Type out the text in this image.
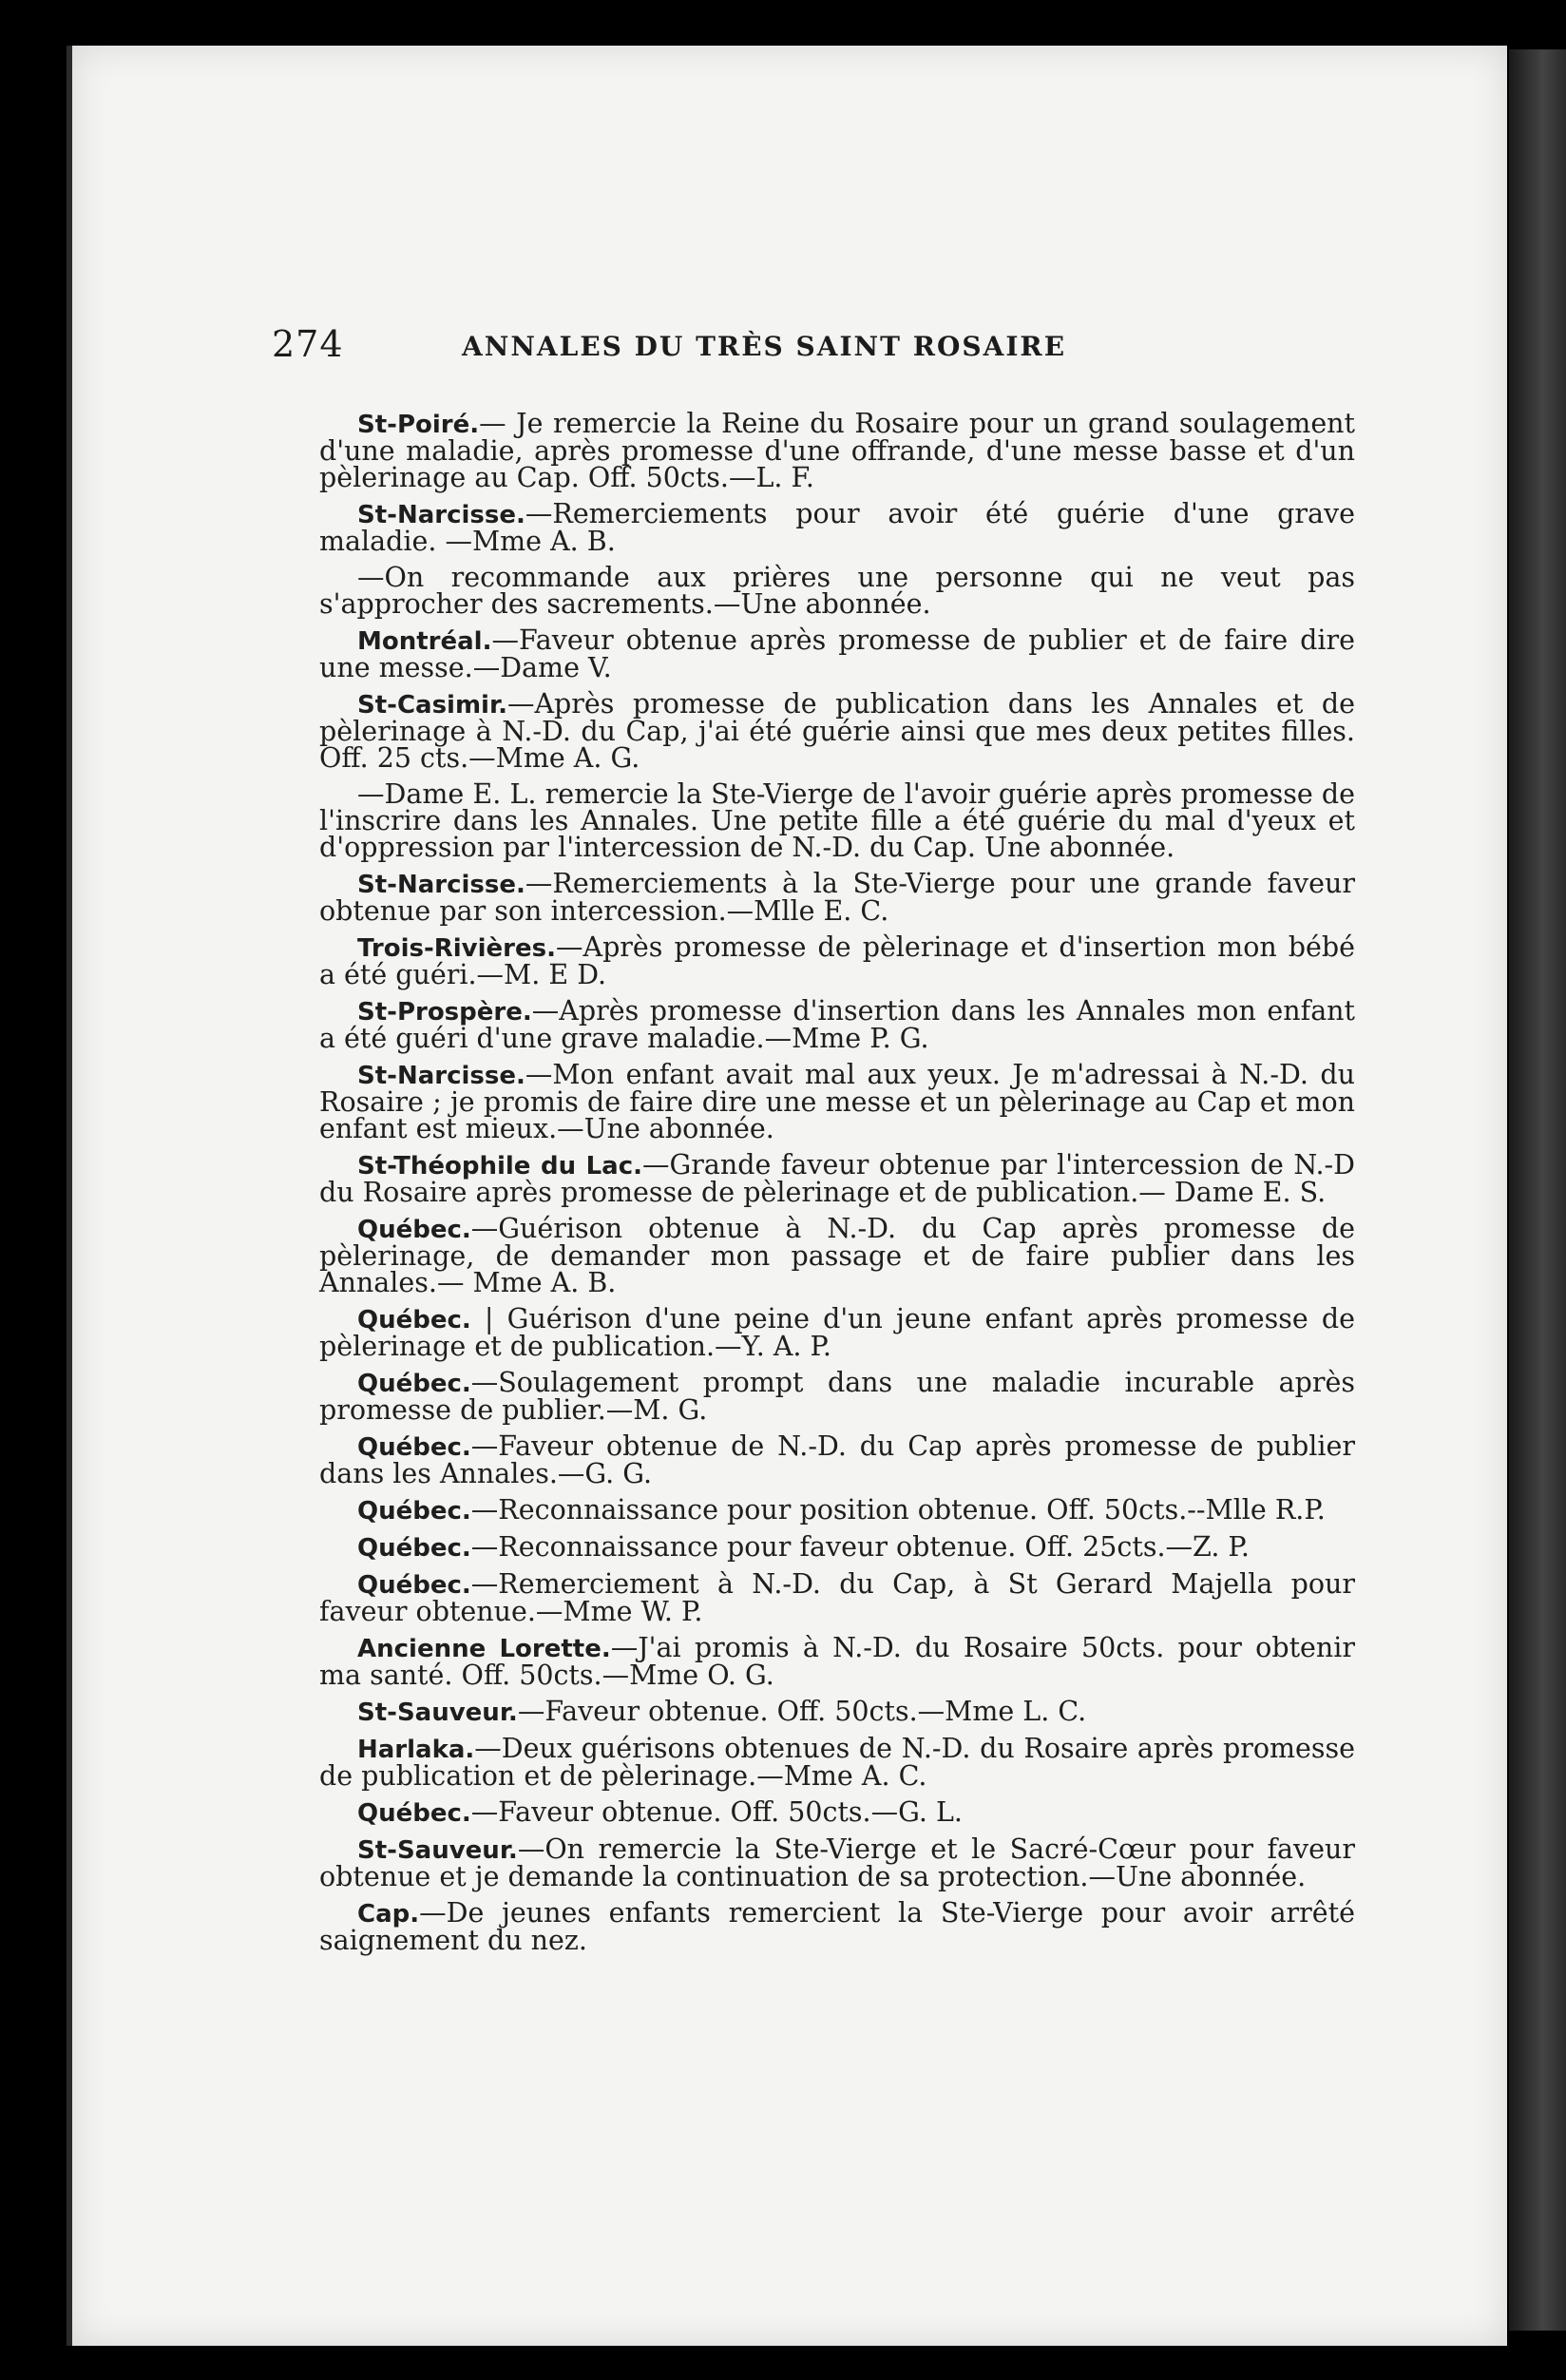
274	ANNALES DU TRÈS SAINT ROSAIRE

St-Poiré.— Je remercie la Reine du Rosaire pour un grand soulagement d'une maladie, après promesse d'une offrande, d'une messe basse et d'un pèlerinage au Cap. Off. 50cts.—L. F.

St-Narcisse.—Remerciements pour avoir été guérie d'une grave maladie. —Mme A. B.

—On recommande aux prières une personne qui ne veut pas s'approcher des sacrements.—Une abonnée.

Montréal.—Faveur obtenue après promesse de publier et de faire dire une messe.—Dame V.

St-Casimir.—Après promesse de publication dans les Annales et de pèlerinage à N.-D. du Cap, j'ai été guérie ainsi que mes deux petites filles. Off. 25 cts.—Mme A. G.

—Dame E. L. remercie la Ste-Vierge de l'avoir guérie après promesse de l'inscrire dans les Annales. Une petite fille a été guérie du mal d'yeux et d'oppression par l'intercession de N.-D. du Cap. Une abonnée.

St-Narcisse.—Remerciements à la Ste-Vierge pour une grande faveur obtenue par son intercession.—Mlle E. C.

Trois-Rivières.—Après promesse de pèlerinage et d'insertion mon bébé a été guéri.—M. E D.

St-Prospère.—Après promesse d'insertion dans les Annales mon enfant a été guéri d'une grave maladie.—Mme P. G.

St-Narcisse.—Mon enfant avait mal aux yeux. Je m'adressai à N.-D. du Rosaire ; je promis de faire dire une messe et un pèlerinage au Cap et mon enfant est mieux.—Une abonnée.

St-Théophile du Lac.—Grande faveur obtenue par l'intercession de N.-D du Rosaire après promesse de pèlerinage et de publication.— Dame E. S.

Québec.—Guérison obtenue à N.-D. du Cap après promesse de pèlerinage, de demander mon passage et de faire publier dans les Annales.— Mme A. B.

Québec. | Guérison d'une peine d'un jeune enfant après promesse de pèlerinage et de publication.—Y. A. P.

Québec.—Soulagement prompt dans une maladie incurable après promesse de publier.—M. G.

Québec.—Faveur obtenue de N.-D. du Cap après promesse de publier dans les Annales.—G. G.

Québec.—Reconnaissance pour position obtenue. Off. 50cts.--Mlle R.P.

Québec.—Reconnaissance pour faveur obtenue. Off. 25cts.—Z. P.

Québec.—Remerciement à N.-D. du Cap, à St Gerard Majella pour faveur obtenue.—Mme W. P.

Ancienne Lorette.—J'ai promis à N.-D. du Rosaire 50cts. pour obtenir ma santé. Off. 50cts.—Mme O. G.

St-Sauveur.—Faveur obtenue. Off. 50cts.—Mme L. C.

Harlaka.—Deux guérisons obtenues de N.-D. du Rosaire après promesse de publication et de pèlerinage.—Mme A. C.

Québec.—Faveur obtenue. Off. 50cts.—G. L.

St-Sauveur.—On remercie la Ste-Vierge et le Sacré-Cœur pour faveur obtenue et je demande la continuation de sa protection.—Une abonnée.

Cap.—De jeunes enfants remercient la Ste-Vierge pour avoir arrêté saignement du nez.
